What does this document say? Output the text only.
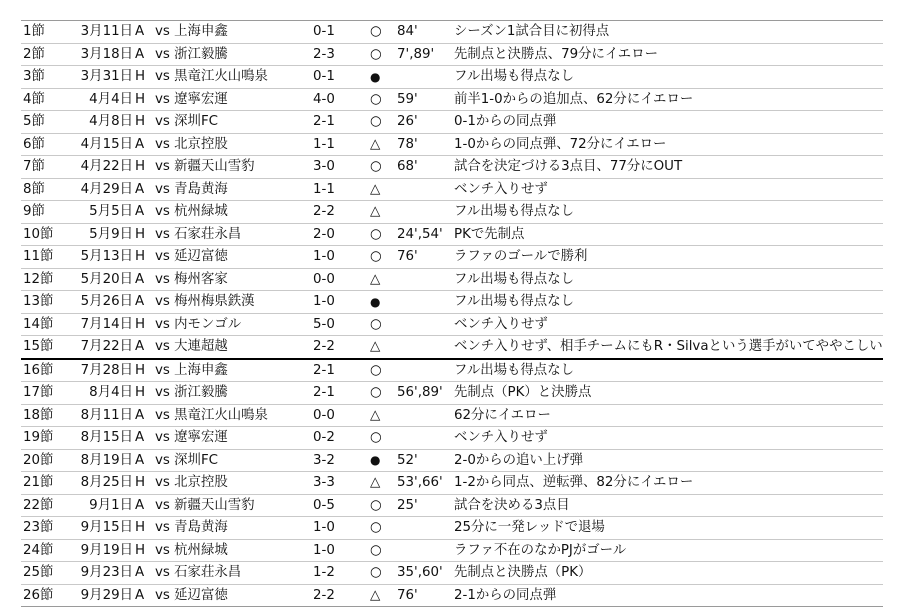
1節	3月11日	A	vs 上海申鑫	0-1	○	84'	シーズン1試合目に初得点
2節	3月18日	A	vs 浙江毅騰	2-3	○	7',89'	先制点と決勝点、79分にイエロー
3節	3月31日	H	vs 黒竜江火山鳴泉	0-1	●		フル出場も得点なし
4節	4月4日	H	vs 遼寧宏運	4-0	○	59'	前半1-0からの追加点、62分にイエロー
5節	4月8日	H	vs 深圳FC	2-1	○	26'	0-1からの同点弾
6節	4月15日	A	vs 北京控股	1-1	△	78'	1-0からの同点弾、72分にイエロー
7節	4月22日	H	vs 新疆天山雪豹	3-0	○	68'	試合を決定づける3点目、77分にOUT
8節	4月29日	A	vs 青島黄海	1-1	△		ベンチ入りせず
9節	5月5日	A	vs 杭州緑城	2-2	△		フル出場も得点なし
10節	5月9日	H	vs 石家荘永昌	2-0	○	24',54'	PKで先制点
11節	5月13日	H	vs 延辺富徳	1-0	○	76'	ラファのゴールで勝利
12節	5月20日	A	vs 梅州客家	0-0	△		フル出場も得点なし
13節	5月26日	A	vs 梅州梅県鉄漢	1-0	●		フル出場も得点なし
14節	7月14日	H	vs 内モンゴル	5-0	○		ベンチ入りせず
15節	7月22日	A	vs 大連超越	2-2	△		ベンチ入りせず、相手チームにもR・Silvaという選手がいてややこしい
16節	7月28日	H	vs 上海申鑫	2-1	○		フル出場も得点なし
17節	8月4日	H	vs 浙江毅騰	2-1	○	56',89'	先制点（PK）と決勝点
18節	8月11日	A	vs 黒竜江火山鳴泉	0-0	△		62分にイエロー
19節	8月15日	A	vs 遼寧宏運	0-2	○		ベンチ入りせず
20節	8月19日	A	vs 深圳FC	3-2	●	52'	2-0からの追い上げ弾
21節	8月25日	H	vs 北京控股	3-3	△	53',66'	1-2から同点、逆転弾、82分にイエロー
22節	9月1日	A	vs 新疆天山雪豹	0-5	○	25'	試合を決める3点目
23節	9月15日	H	vs 青島黄海	1-0	○		25分に一発レッドで退場
24節	9月19日	H	vs 杭州緑城	1-0	○		ラファ不在のなかPJがゴール
25節	9月23日	A	vs 石家荘永昌	1-2	○	35',60'	先制点と決勝点（PK）
26節	9月29日	A	vs 延辺富徳	2-2	△	76'	2-1からの同点弾
